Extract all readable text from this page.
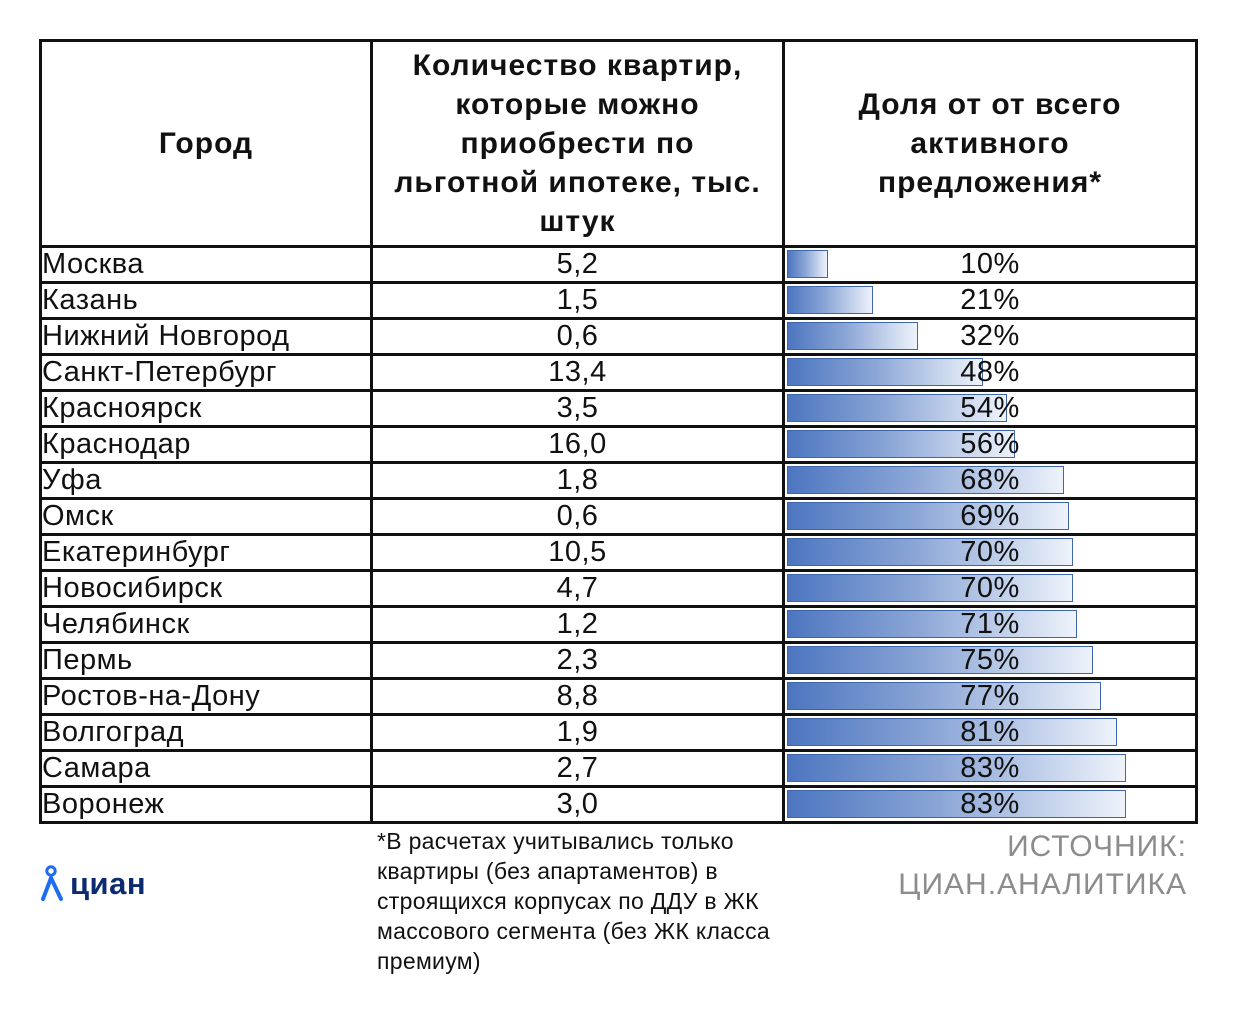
Город	Количество квартир, которые можно приобрести по льготной ипотеке, тыс. штук	Доля от от всего активного предложения*
Москва	5,2	10%
Казань	1,5	21%
Нижний Новгород	0,6	32%
Санкт-Петербург	13,4	48%
Красноярск	3,5	54%
Краснодар	16,0	56%
Уфа	1,8	68%
Омск	0,6	69%
Екатеринбург	10,5	70%
Новосибирск	4,7	70%
Челябинск	1,2	71%
Пермь	2,3	75%
Ростов-на-Дону	8,8	77%
Волгоград	1,9	81%
Самара	2,7	83%
Воронеж	3,0	83%
*В расчетах учитывались только квартиры (без апартаментов) в строящихся корпусах по ДДУ в ЖК массового сегмента (без ЖК класса премиум)
ИСТОЧНИК:
ЦИАН.АНАЛИТИКА
циан
